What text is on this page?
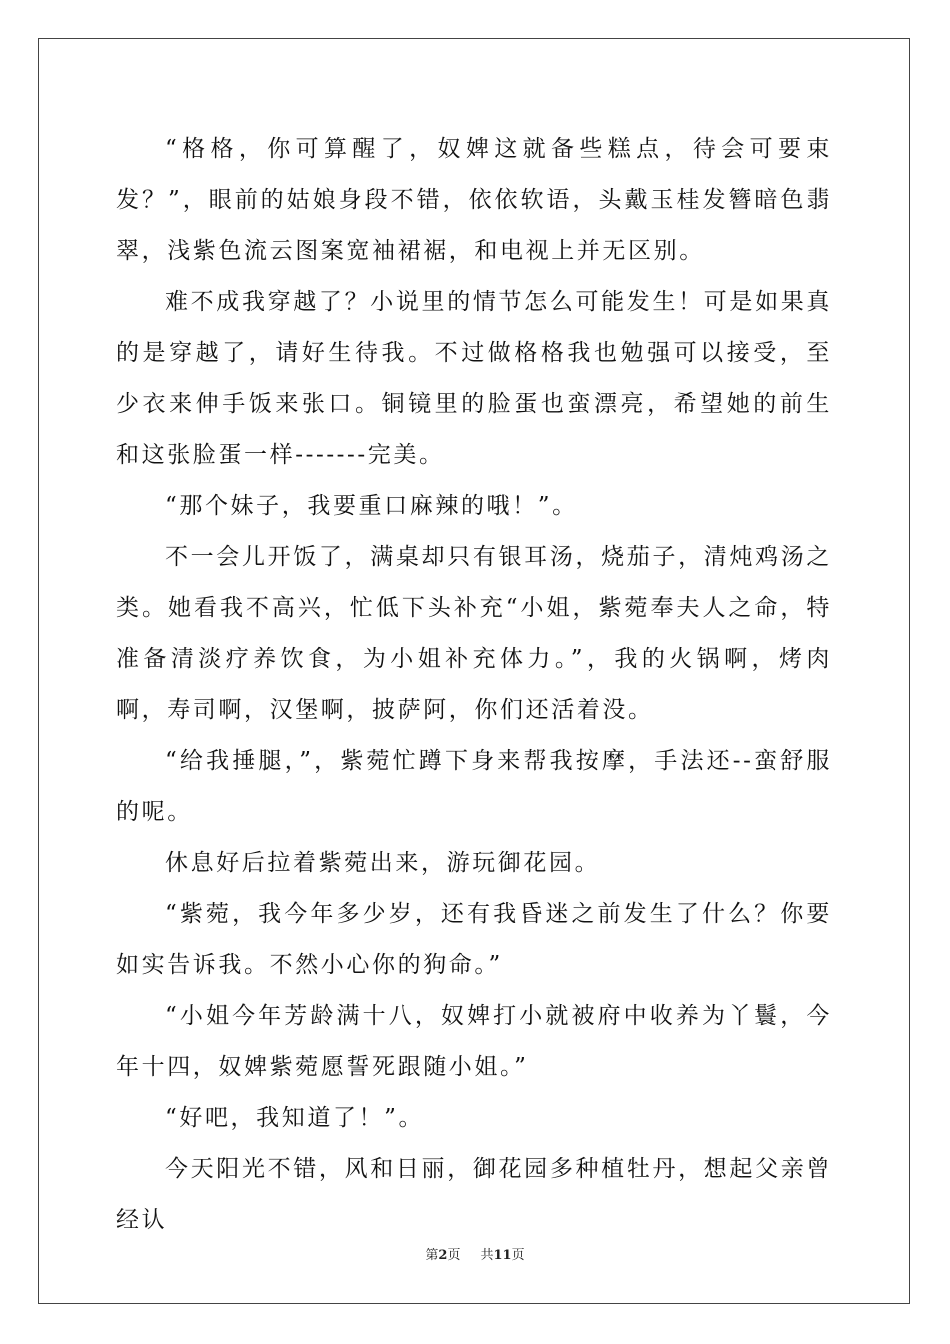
“格格，你可算醒了，奴婢这就备些糕点，待会可要束发？”，眼前的姑娘身段不错，依依软语，头戴玉桂发簪暗色翡翠，浅紫色流云图案宽袖裙裾，和电视上并无区别。

难不成我穿越了？小说里的情节怎么可能发生！可是如果真的是穿越了，请好生待我。不过做格格我也勉强可以接受，至少衣来伸手饭来张口。铜镜里的脸蛋也蛮漂亮，希望她的前生和这张脸蛋一样-------完美。

“那个妹子，我要重口麻辣的哦！”。

不一会儿开饭了，满桌却只有银耳汤，烧茄子，清炖鸡汤之类。她看我不高兴，忙低下头补充“小姐，紫菀奉夫人之命，特准备清淡疗养饮食，为小姐补充体力。”，我的火锅啊，烤肉啊，寿司啊，汉堡啊，披萨阿，你们还活着没。

“给我捶腿，”，紫菀忙蹲下身来帮我按摩，手法还--蛮舒服的呢。

休息好后拉着紫菀出来，游玩御花园。

“紫菀，我今年多少岁，还有我昏迷之前发生了什么？你要如实告诉我。不然小心你的狗命。”

“小姐今年芳龄满十八，奴婢打小就被府中收养为丫鬟，今年十四，奴婢紫菀愿誓死跟随小姐。”

“好吧，我知道了！”。

今天阳光不错，风和日丽，御花园多种植牡丹，想起父亲曾经认

第2页 共11页
